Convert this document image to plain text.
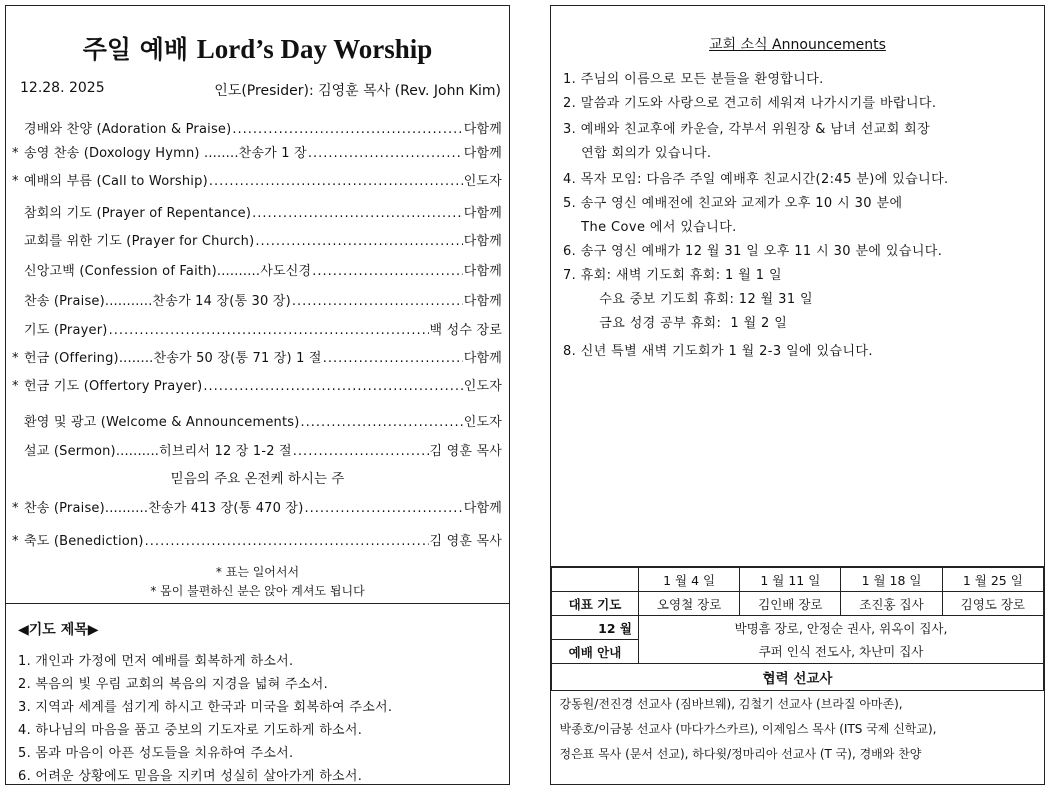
주일 예배 Lord’s Day Worship
12.28. 2025	인도(Presider): 김영훈 목사 (Rev. John Kim)
경배와 찬양 (Adoration & Praise) .....	다함께
* 송영 찬송 (Doxology Hymn) ........찬송가 1 장 .....	다함께
* 예배의 부름 (Call to Worship) .....	인도자
참회의 기도 (Prayer of Repentance) .....	다함께
교회를 위한 기도 (Prayer for Church) .....	다함께
신앙고백 (Confession of Faith)..........사도신경 .....	다함께
찬송 (Praise)...........찬송가 14 장(통 30 장) .....	다함께
기도 (Prayer) .....	백 성수 장로
* 헌금 (Offering)........찬송가 50 장(통 71 장) 1 절 .....	다함께
* 헌금 기도 (Offertory Prayer) .....	인도자
환영 및 광고 (Welcome & Announcements) .....	인도자
설교 (Sermon)..........히브리서 12 장 1-2 절 .....	김 영훈 목사
* 찬송 (Praise)..........찬송가 413 장(통 470 장) .....	다함께
* 축도 (Benediction) .....	김 영훈 목사
믿음의 주요 온전케 하시는 주
* 표는 일어서서
* 몸이 불편하신 분은 앉아 계셔도 됩니다
◀기도 제목▶
1. 개인과 가정에 먼저 예배를 회복하게 하소서.
2. 복음의 빛 우림 교회의 복음의 지경을 넓혀 주소서.
3. 지역과 세계를 섬기게 하시고 한국과 미국을 회복하여 주소서.
4. 하나님의 마음을 품고 중보의 기도자로 기도하게 하소서.
5. 몸과 마음이 아픈 성도들을 치유하여 주소서.
6. 어려운 상황에도 믿음을 지키며 성실히 살아가게 하소서.
교회 소식 Announcements
1. 주님의 이름으로 모든 분들을 환영합니다.
2. 말씀과 기도와 사랑으로 견고히 세워져 나가시기를 바랍니다.
3. 예배와 친교후에 카운슬, 각부서 위원장 & 남녀 선교회 회장
연합 회의가 있습니다.
4. 목자 모임: 다음주 주일 예배후 친교시간(2:45 분)에 있습니다.
5. 송구 영신 예배전에 친교와 교제가 오후 10 시 30 분에
The Cove 에서 있습니다.
6. 송구 영신 예배가 12 월 31 일 오후 11 시 30 분에 있습니다.
7. 휴회: 새벽 기도회 휴회: 1 월 1 일
수요 중보 기도회 휴회: 12 월 31 일
금요 성경 공부 휴회:  1 월 2 일
8. 신년 특별 새벽 기도회가 1 월 2-3 일에 있습니다.
	1 월 4 일	1 월 11 일	1 월 18 일	1 월 25 일
대표 기도	오영철 장로	김인배 장로	조진홍 집사	김영도 장로
12 월	박명흠 장로, 안정순 권사, 위옥이 집사,			
예배 안내	쿠퍼 인식 전도사, 차난미 집사			
협력 선교사				
강동원/전진경 선교사 (짐바브웨), 김철기 선교사 (브라질 아마존),				
박종호/이금봉 선교사 (마다가스카르), 이제임스 목사 (ITS 국제 신학교),				
정은표 목사 (문서 선교), 하다윗/정마리아 선교사 (T 국), 경배와 찬양				
